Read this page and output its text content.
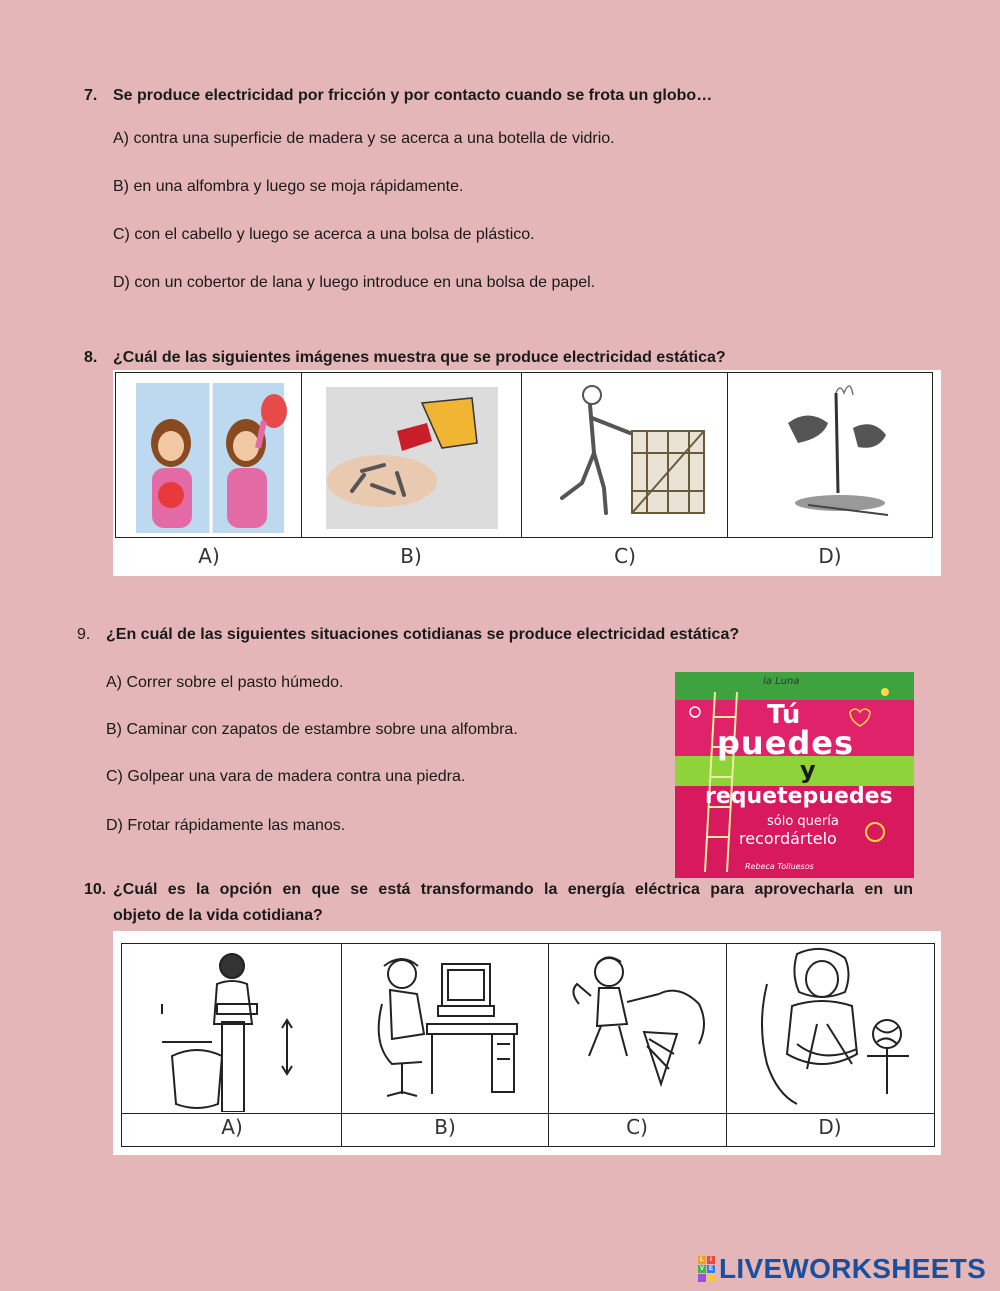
7. Se produce electricidad por fricción y por contacto cuando se frota un globo…
A) contra una superficie de madera y se acerca a una botella de vidrio.
B) en una alfombra y luego se moja rápidamente.
C) con el cabello y luego se acerca a una bolsa de plástico.
D) con un cobertor de lana y luego introduce en una bolsa de papel.
8. ¿Cuál de las siguientes imágenes muestra que se produce electricidad estática?
A)	B)	C)	D)
9. ¿En cuál de las siguientes situaciones cotidianas se produce electricidad estática?
A) Correr sobre el pasto húmedo.
B) Caminar con zapatos de estambre sobre una alfombra.
C) Golpear una vara de madera contra una piedra.
D) Frotar rápidamente las manos.
la Luna
Tú
puedes
y
requetepuedes
sólo quería
recordártelo
Rebeca Tolluesos
10. ¿Cuál es la opción en que se está transformando la energía eléctrica para aprovecharla en un
objeto de la vida cotidiana?
A)	B)	C)	D)
L	I
V E LIVEWORKSHEETS
